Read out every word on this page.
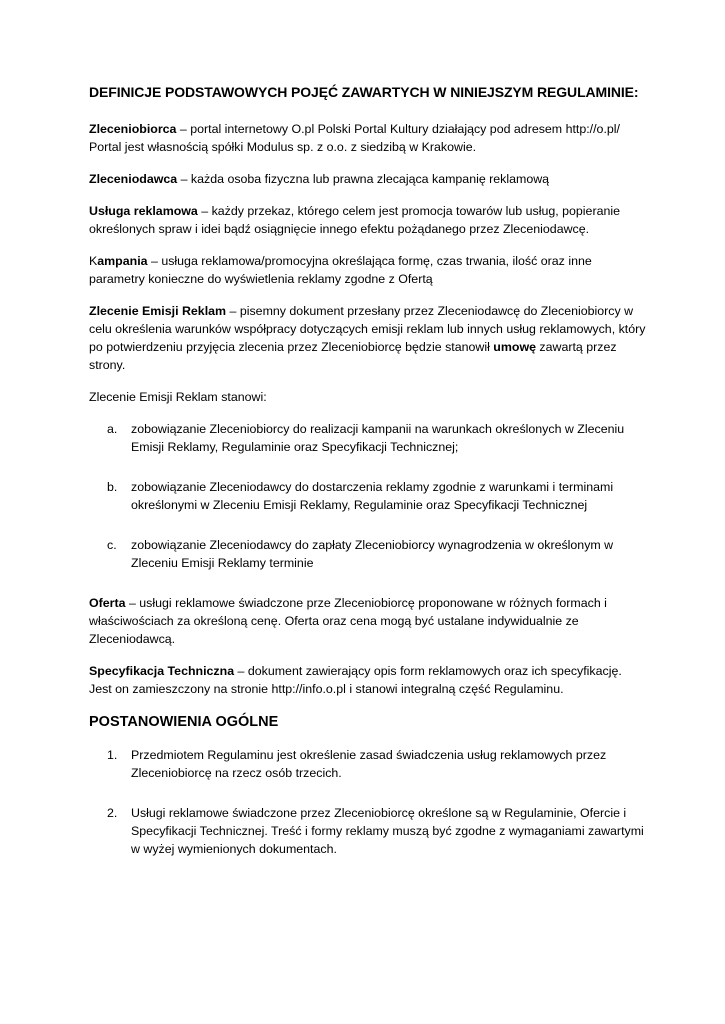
DEFINICJE PODSTAWOWYCH POJĘĆ ZAWARTYCH W NINIEJSZYM REGULAMINIE:

Zleceniobiorca – portal internetowy O.pl Polski Portal Kultury działający pod adresem http://o.pl/ Portal jest własnością spółki Modulus sp. z o.o. z siedzibą w Krakowie.

Zleceniodawca – każda osoba fizyczna lub prawna zlecająca kampanię reklamową

Usługa reklamowa – każdy przekaz, którego celem jest promocja towarów lub usług, popieranie określonych spraw i idei bądź osiągnięcie innego efektu pożądanego przez Zleceniodawcę.

Kampania – usługa reklamowa/promocyjna określająca formę, czas trwania, ilość oraz inne parametry konieczne do wyświetlenia reklamy zgodne z Ofertą

Zlecenie Emisji Reklam – pisemny dokument przesłany przez Zleceniodawcę do Zleceniobiorcy w celu określenia warunków współpracy dotyczących emisji reklam lub innych usług reklamowych, który po potwierdzeniu przyjęcia zlecenia przez Zleceniobiorcę będzie stanowił umowę zawartą przez strony.

Zlecenie Emisji Reklam stanowi:

a. zobowiązanie Zleceniobiorcy do realizacji kampanii na warunkach określonych w Zleceniu Emisji Reklamy, Regulaminie oraz Specyfikacji Technicznej;
b. zobowiązanie Zleceniodawcy do dostarczenia reklamy zgodnie z warunkami i terminami określonymi w Zleceniu Emisji Reklamy, Regulaminie oraz Specyfikacji Technicznej
c. zobowiązanie Zleceniodawcy do zapłaty Zleceniobiorcy wynagrodzenia w określonym w Zleceniu Emisji Reklamy terminie

Oferta – usługi reklamowe świadczone prze Zleceniobiorcę proponowane w różnych formach i właściwościach za określoną cenę. Oferta oraz cena mogą być ustalane indywidualnie ze Zleceniodawcą.

Specyfikacja Techniczna – dokument zawierający opis form reklamowych oraz ich specyfikację.
Jest on zamieszczony na stronie http://info.o.pl i stanowi integralną część Regulaminu.

POSTANOWIENIA OGÓLNE
1. Przedmiotem Regulaminu jest określenie zasad świadczenia usług reklamowych przez Zleceniobiorcę na rzecz osób trzecich.
2. Usługi reklamowe świadczone przez Zleceniobiorcę określone są w Regulaminie, Ofercie i Specyfikacji Technicznej. Treść i formy reklamy muszą być zgodne z wymaganiami zawartymi w wyżej wymienionych dokumentach.
